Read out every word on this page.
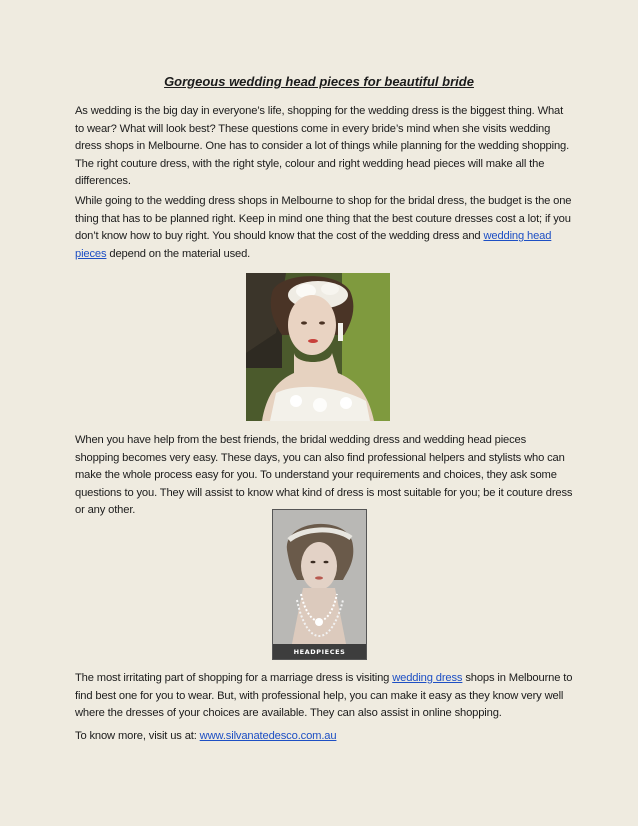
Gorgeous wedding head pieces for beautiful bride

As wedding is the big day in everyone’s life, shopping for the wedding dress is the biggest thing. What to wear? What will look best? These questions come in every bride’s mind when she visits wedding dress shops in Melbourne. One has to consider a lot of things while planning for the wedding shopping. The right couture dress, with the right style, colour and right wedding head pieces will make all the differences.

While going to the wedding dress shops in Melbourne to shop for the bridal dress, the budget is the one thing that has to be planned right. Keep in mind one thing that the best couture dresses cost a lot; if you don’t know how to buy right. You should know that the cost of the wedding dress and wedding head pieces depend on the material used.

When you have help from the best friends, the bridal wedding dress and wedding head pieces shopping becomes very easy. These days, you can also find professional helpers and stylists who can make the whole process easy for you. To understand your requirements and choices, they ask some questions to you. They will assist to know what kind of dress is most suitable for you; be it couture dress or any other.

HEADPIECES

The most irritating part of shopping for a marriage dress is visiting wedding dress shops in Melbourne to find best one for you to wear. But, with professional help, you can make it easy as they know very well where the dresses of your choices are available. They can also assist in online shopping.

To know more, visit us at: www.silvanatedesco.com.au
